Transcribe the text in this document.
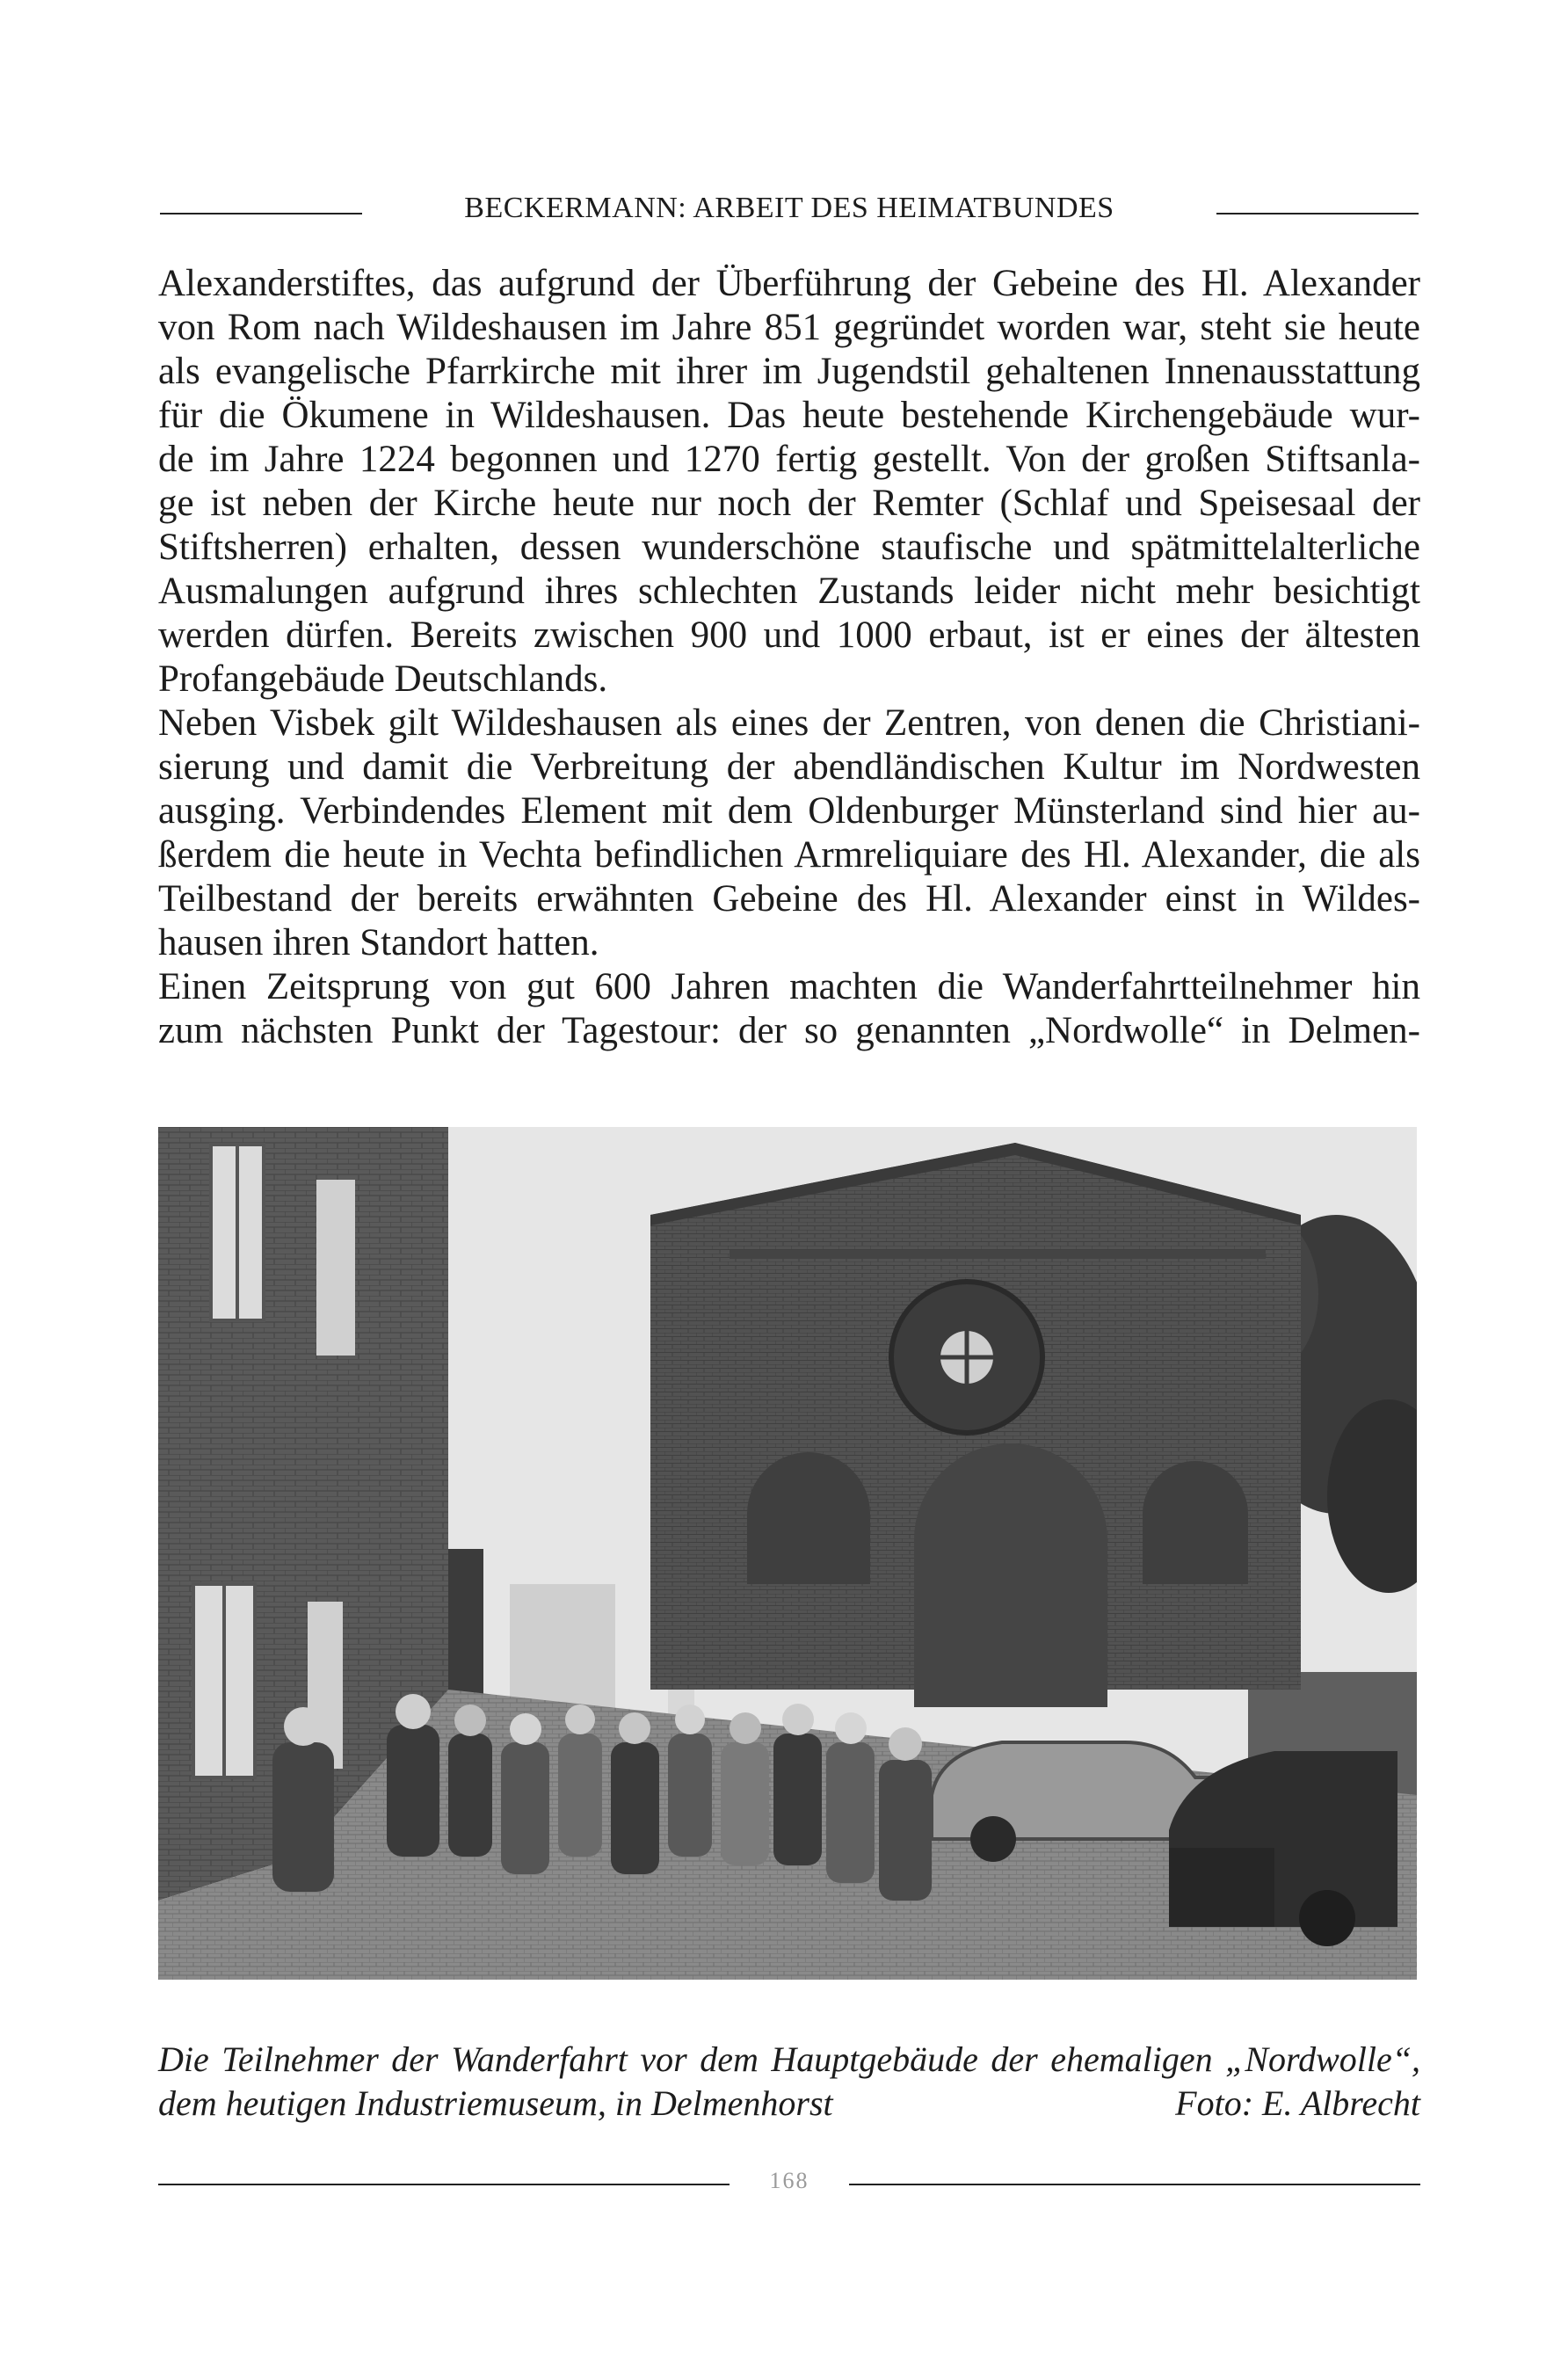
BECKERMANN: ARBEIT DES HEIMATBUNDES
Alexanderstiftes, das aufgrund der Überführung der Gebeine des Hl. Alexander
von Rom nach Wildeshausen im Jahre 851 gegründet worden war, steht sie heute
als evangelische Pfarrkirche mit ihrer im Jugendstil gehaltenen Innenausstattung
für die Ökumene in Wildeshausen. Das heute bestehende Kirchengebäude wur-
de im Jahre 1224 begonnen und 1270 fertig gestellt. Von der großen Stiftsanla-
ge ist neben der Kirche heute nur noch der Remter (Schlaf und Speisesaal der
Stiftsherren) erhalten, dessen wunderschöne staufische und spätmittelalterliche
Ausmalungen aufgrund ihres schlechten Zustands leider nicht mehr besichtigt
werden dürfen. Bereits zwischen 900 und 1000 erbaut, ist er eines der ältesten
Profangebäude Deutschlands.
Neben Visbek gilt Wildeshausen als eines der Zentren, von denen die Christiani-
sierung und damit die Verbreitung der abendländischen Kultur im Nordwesten
ausging. Verbindendes Element mit dem Oldenburger Münsterland sind hier au-
ßerdem die heute in Vechta befindlichen Armreliquiare des Hl. Alexander, die als
Teilbestand der bereits erwähnten Gebeine des Hl. Alexander einst in Wildes-
hausen ihren Standort hatten.
Einen Zeitsprung von gut 600 Jahren machten die Wanderfahrtteilnehmer hin
zum nächsten Punkt der Tagestour: der so genannten „Nordwolle“ in Delmen-
Die Teilnehmer der Wanderfahrt vor dem Hauptgebäude der ehemaligen „Nordwolle“,
dem heutigen Industriemuseum, in Delmenhorst	Foto: E. Albrecht
168
